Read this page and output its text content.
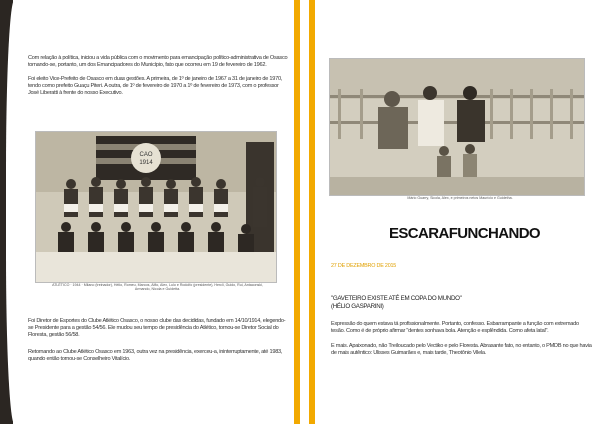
Com relação à política, iniciou a vida pública com o movimento para emancipação político-administrativa de Osasco tornando-se, portanto, um dos Emancipadores do Município, fato que ocorreu em 19 de fevereiro de 1962.

Foi eleito Vice-Prefeito de Osasco em duas gestões. A primeira, de 1º de janeiro de 1967 a 31 de janeiro de 1970, tendo como prefeito Guaçu Piteri. A outra, de 1º de fevereiro de 1970 a 1º de fevereiro de 1973, com o professor José Liberatti à frente do nosso Executivo.

CAO
1914

ATLÉTICO · 1944 · Milano (treinador), Hélio, Romeu, Marcos, Alfio, Alex, Lulo e Rodolfo (presidente), Hercli, Guido, Rui, Antaconski, Armando, Nicola e Guidetta.

Foi Diretor de Esportes do Clube Atlético Osasco, o nosso clube das decididas, fundado em 14/10/1914, elegendo-se Presidente para a gestão 54/56. Ele mudou seu tempo de presidência do Atlético, tornou-se Diretor Social do Floresta, gestão 56/58.

Retornando ao Clube Atlético Osasco em 1963, outra vez na presidência, exerceu-a, ininterruptamente, até 1983, quando então tornou-se Conselheiro Vitalício.

Mário Guarry, Sicola, Alex, e primeiros netos Maurício e Guidetha.

ESCARAFUNCHANDO

27 DE DEZEMBRO DE 2015

"GAVETEIRO EXISTE ATÉ EM COPA DO MUNDO"

(HÉLIO GASPARINI)

Expressão do quem estava tá profissionalmente. Portanto, confesso. Esbarrampante a função com extremado tesão. Como é de próprio afirmar "dentes sonhava bola. Atenção e esplêndida. Como afeta latal".

E mais. Apaixonado, não Treiloucado pelo Vectiko e pelo Floresta. Abrasante fato, no entanto, o PMDB no que havia de mais autêntico: Ulisses Guimarães e, mais tarde, Theotônio Vilela.
